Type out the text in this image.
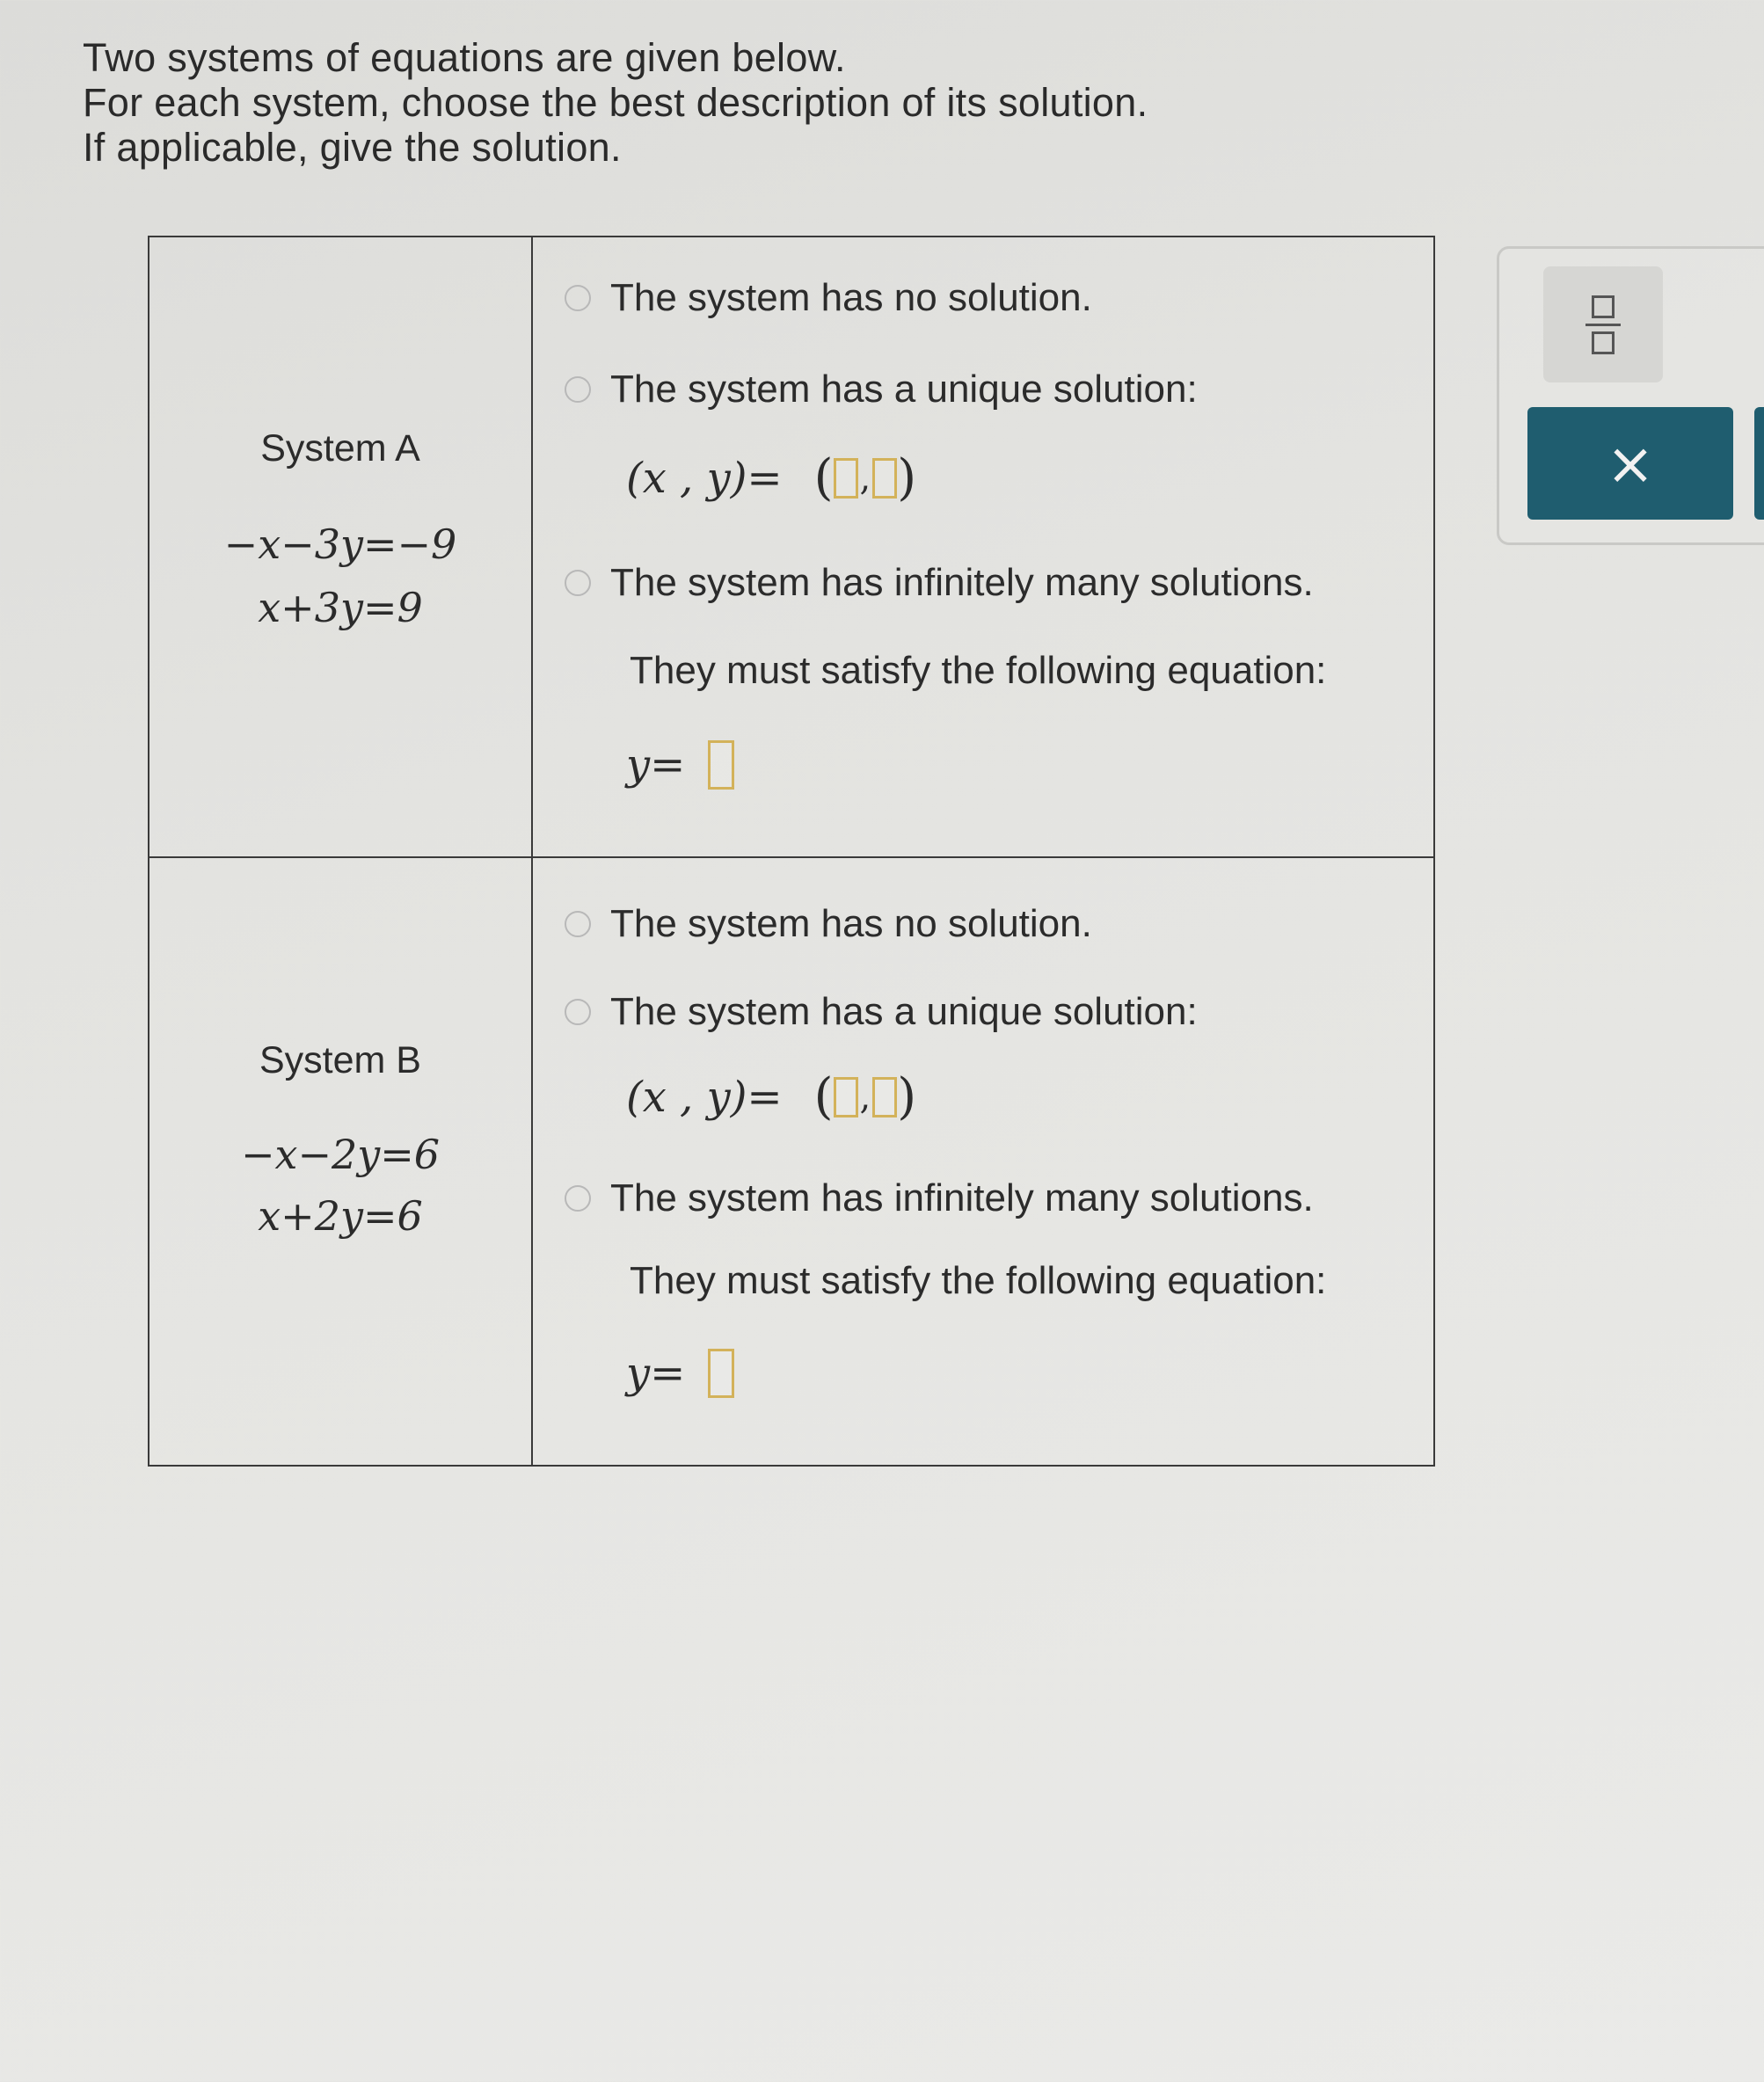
Two systems of equations are given below.
For each system, choose the best description of its solution.
If applicable, give the solution.
System A
−x−3y=−9
x+3y=9
The system has no solution.
The system has a unique solution:
(x , y)= ( , )
The system has infinitely many solutions.
They must satisfy the following equation:
y=
System B
−x−2y=6
x+2y=6
The system has no solution.
The system has a unique solution:
(x , y)= ( , )
The system has infinitely many solutions.
They must satisfy the following equation:
y=
×
